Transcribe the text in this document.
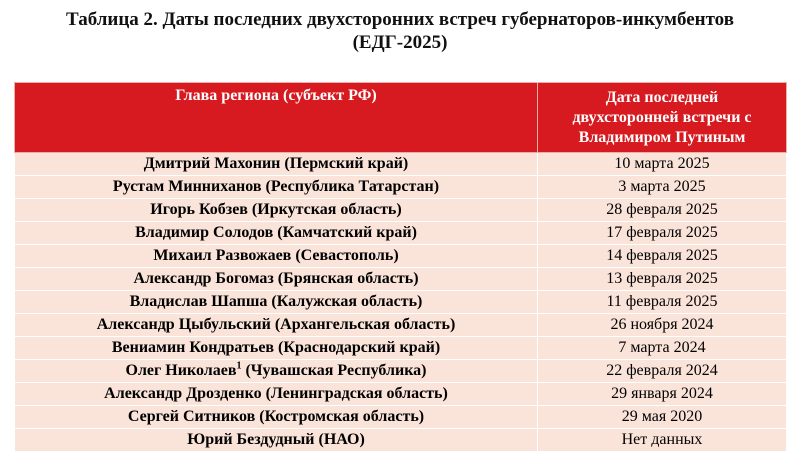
Таблица 2. Даты последних двухсторонних встреч губернаторов-инкумбентов
(ЕДГ-2025)
Глава региона (субъект РФ)	Дата последней
двухсторонней встречи с
Владимиром Путиным
Дмитрий Махонин (Пермский край)	10 марта 2025
Рустам Минниханов (Республика Татарстан)	3 марта 2025
Игорь Кобзев (Иркутская область)	28 февраля 2025
Владимир Солодов (Камчатский край)	17 февраля 2025
Михаил Развожаев (Севастополь)	14 февраля 2025
Александр Богомаз (Брянская область)	13 февраля 2025
Владислав Шапша (Калужская область)	11 февраля 2025
Александр Цыбульский (Архангельская область)	26 ноября 2024
Вениамин Кондратьев (Краснодарский край)	7 марта 2024
Олег Николаев$^1$ (Чувашская Республика)	22 февраля 2024
Александр Дрозденко (Ленинградская область)	29 января 2024
Сергей Ситников (Костромская область)	29 мая 2020
Юрий Бездудный (НАО)	Нет данных
